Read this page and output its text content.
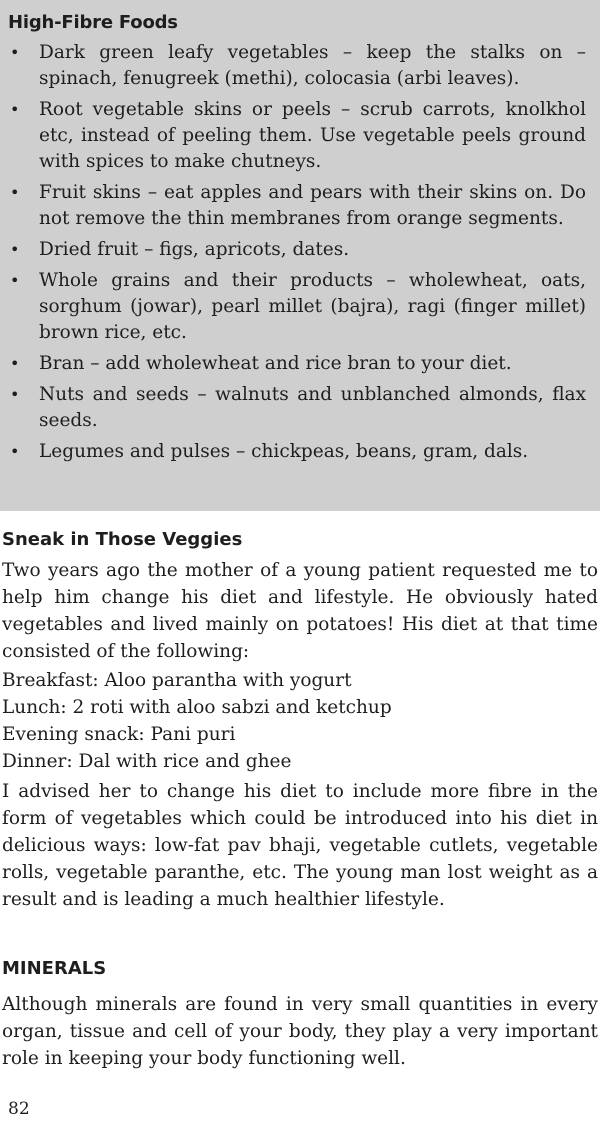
High-Fibre Foods
• Dark green leafy vegetables – keep the stalks on – spinach, fenugreek (methi), colocasia (arbi leaves).
• Root vegetable skins or peels – scrub carrots, knolkhol etc, instead of peeling them. Use vegetable peels ground with spices to make chutneys.
• Fruit skins – eat apples and pears with their skins on. Do not remove the thin membranes from orange segments.
• Dried fruit – figs, apricots, dates.
• Whole grains and their products – wholewheat, oats, sorghum (jowar), pearl millet (bajra), ragi (finger millet) brown rice, etc.
• Bran – add wholewheat and rice bran to your diet.
• Nuts and seeds – walnuts and unblanched almonds, flax seeds.
• Legumes and pulses – chickpeas, beans, gram, dals.
Sneak in Those Veggies

Two years ago the mother of a young patient requested me to help him change his diet and lifestyle. He obviously hated vegetables and lived mainly on potatoes! His diet at that time consisted of the following:

Breakfast: Aloo parantha with yogurt

Lunch: 2 roti with aloo sabzi and ketchup

Evening snack: Pani puri

Dinner: Dal with rice and ghee

I advised her to change his diet to include more fibre in the form of vegetables which could be introduced into his diet in delicious ways: low-fat pav bhaji, vegetable cutlets, vegetable rolls, vegetable paranthe, etc. The young man lost weight as a result and is leading a much healthier lifestyle.

MINERALS

Although minerals are found in very small quantities in every organ, tissue and cell of your body, they play a very important role in keeping your body functioning well.

82
